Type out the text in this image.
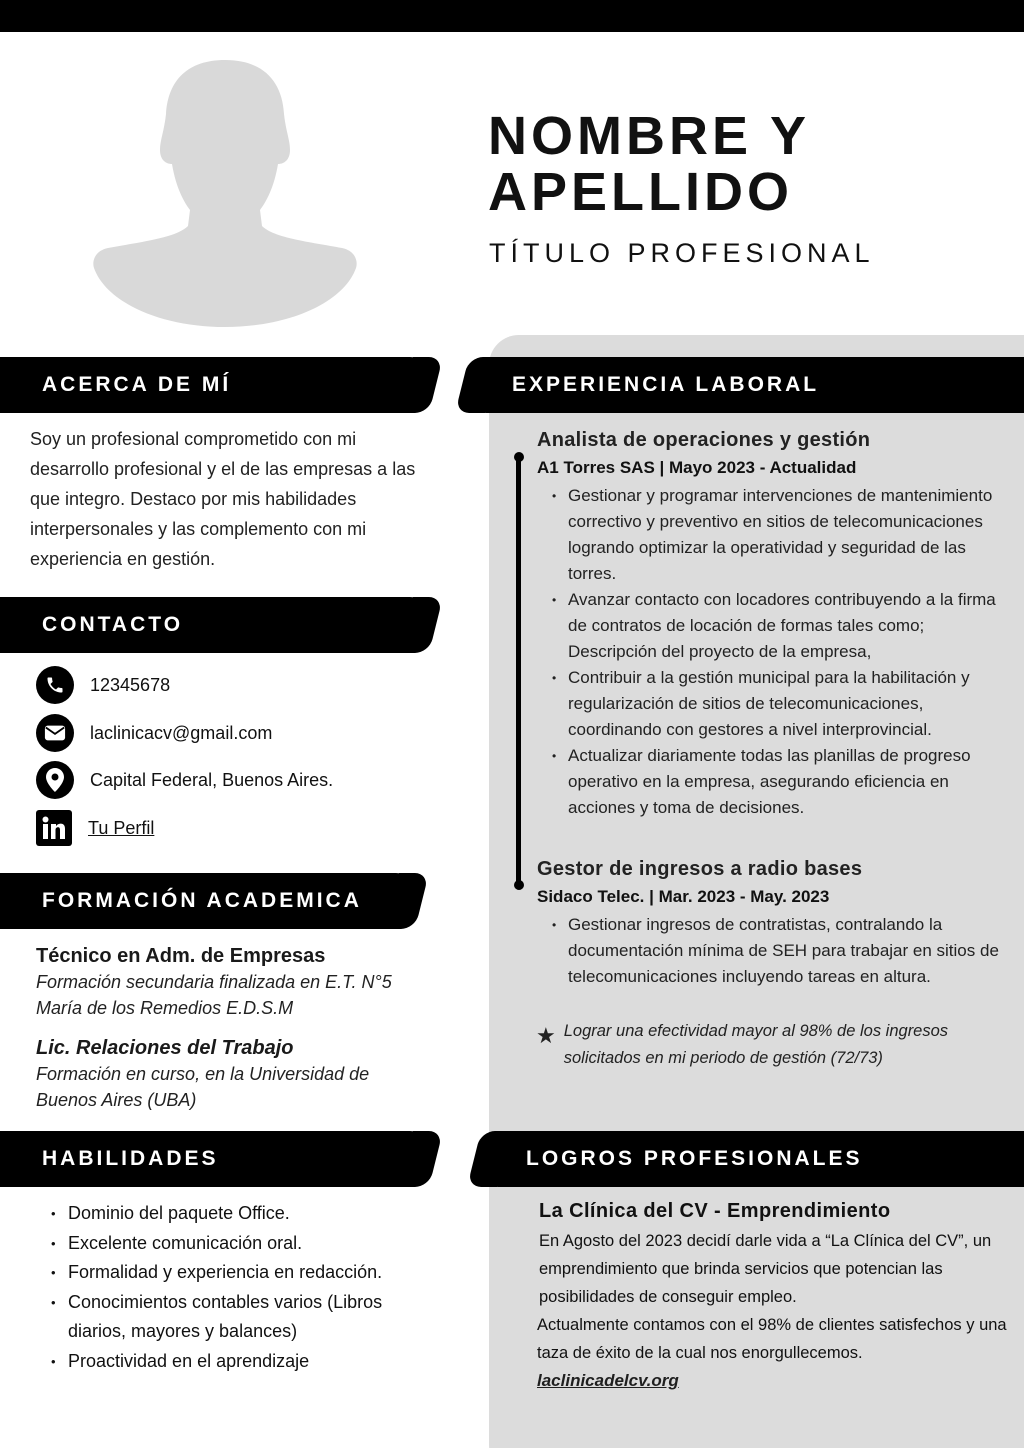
NOMBRE Y
APELLIDO
TÍTULO PROFESIONAL
ACERCA DE MÍ
CONTACTO
FORMACIÓN ACADEMICA
HABILIDADES
EXPERIENCIA LABORAL
LOGROS PROFESIONALES

Soy un profesional comprometido con mi desarrollo profesional y el de las empresas a las que integro. Destaco por mis habilidades interpersonales y las complemento con mi experiencia en gestión.

12345678
laclinicacv@gmail.com
Capital Federal, Buenos Aires.
Tu Perfil
Técnico en Adm. de Empresas
Formación secundaria finalizada en E.T. N°5 María de los Remedios E.D.S.M
Lic. Relaciones del Trabajo
Formación en curso, en la Universidad de Buenos Aires (UBA)
• Dominio del paquete Office.
• Excelente comunicación oral.
• Formalidad y experiencia en redacción.
• Conocimientos contables varios (Libros diarios, mayores y balances)
• Proactividad en el aprendizaje
Analista de operaciones y gestión
A1 Torres SAS | Mayo 2023 - Actualidad
• Gestionar y programar intervenciones de mantenimiento correctivo y preventivo en sitios de telecomunicaciones logrando optimizar la operatividad y seguridad de las torres.
• Avanzar contacto con locadores contribuyendo a la firma de contratos de locación de formas tales como; Descripción del proyecto de la empresa,
• Contribuir a la gestión municipal para la habilitación y regularización de sitios de telecomunicaciones, coordinando con gestores a nivel interprovincial.
• Actualizar diariamente todas las planillas de progreso operativo en la empresa, asegurando eficiencia en acciones y toma de decisiones.
Gestor de ingresos a radio bases
Sidaco Telec. | Mar. 2023 - May. 2023
• Gestionar ingresos de contratistas, contralando la documentación mínima de SEH para trabajar en sitios de telecomunicaciones incluyendo tareas en altura.
★ Lograr una efectividad mayor al 98% de los ingresos solicitados en mi periodo de gestión (72/73)
La Clínica del CV - Emprendimiento
En Agosto del 2023 decidí darle vida a “La Clínica del CV”, un emprendimiento que brinda servicios que potencian las posibilidades de conseguir empleo.
Actualmente contamos con el 98% de clientes satisfechos y una taza de éxito de la cual nos enorgullecemos.
laclinicadelcv.org
